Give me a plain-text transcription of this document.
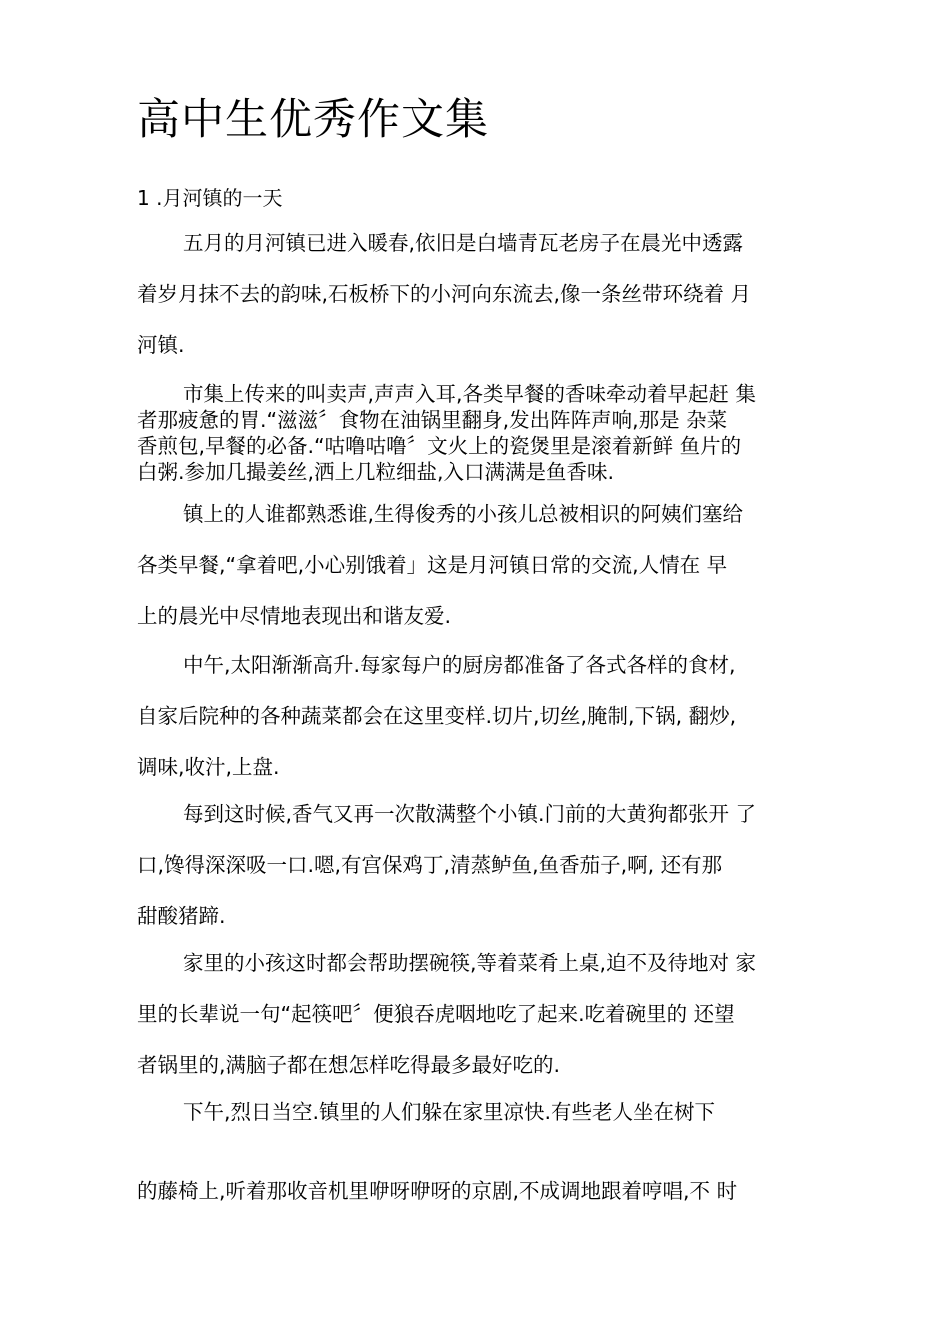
高中生优秀作文集
1 .月河镇的一天
五月的月河镇已进入暖春,依旧是白墙青瓦老房子在晨光中透露
着岁月抹不去的韵味,石板桥下的小河向东流去,像一条丝带环绕着 月
河镇.
市集上传来的叫卖声,声声入耳,各类早餐的香味牵动着早起赶 集
者那疲惫的胃.“滋滋〞食物在油锅里翻身,发出阵阵声响,那是 杂菜
香煎包,早餐的必备.“咕噜咕噜〞文火上的瓷煲里是滚着新鲜 鱼片的
白粥.参加几撮姜丝,洒上几粒细盐,入口满满是鱼香味.
镇上的人谁都熟悉谁,生得俊秀的小孩儿总被相识的阿姨们塞给
各类早餐,“拿着吧,小心别饿着」这是月河镇日常的交流,人情在 早
上的晨光中尽情地表现出和谐友爱.
中午,太阳渐渐高升.每家每户的厨房都准备了各式各样的食材,
自家后院种的各种蔬菜都会在这里变样.切片,切丝,腌制,下锅, 翻炒,
调味,收汁,上盘.
每到这时候,香气又再一次散满整个小镇.门前的大黄狗都张开 了
口,馋得深深吸一口.嗯,有宫保鸡丁,清蒸鲈鱼,鱼香茄子,啊, 还有那
甜酸猪蹄.
家里的小孩这时都会帮助摆碗筷,等着菜肴上桌,迫不及待地对 家
里的长辈说一句“起筷吧〞便狼吞虎咽地吃了起来.吃着碗里的 还望
者锅里的,满脑子都在想怎样吃得最多最好吃的.
下午,烈日当空.镇里的人们躲在家里凉快.有些老人坐在树下
的藤椅上,听着那收音机里咿呀咿呀的京剧,不成调地跟着哼唱,不 时
